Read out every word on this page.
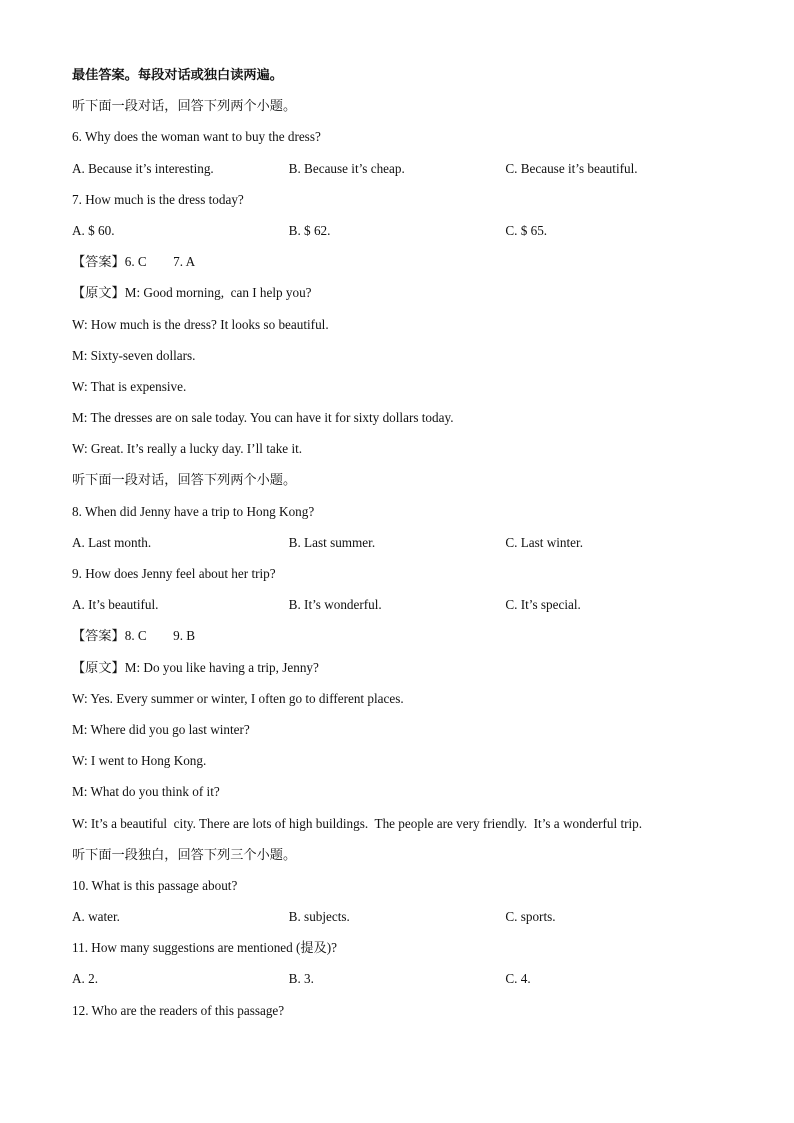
最佳答案。每段对话或独白读两遍。
听下面一段对话，回答下列两个小题。
6. Why does the woman want to buy the dress?
A. Because it’s interesting.	B. Because it’s cheap.	C. Because it’s beautiful.
7. How much is the dress today?
A. $ 60.	B. $ 62.	C. $ 65.
【答案】6. C        7. A
【原文】M: Good morning,  can I help you?
W: How much is the dress? It looks so beautiful.
M: Sixty-seven dollars.
W: That is expensive.
M: The dresses are on sale today. You can have it for sixty dollars today.
W: Great. It’s really a lucky day. I’ll take it.
听下面一段对话，回答下列两个小题。
8. When did Jenny have a trip to Hong Kong?
A. Last month.	B. Last summer.	C. Last winter.
9. How does Jenny feel about her trip?
A. It’s beautiful.	B. It’s wonderful.	C. It’s special.
【答案】8. C        9. B
【原文】M: Do you like having a trip, Jenny?
W: Yes. Every summer or winter, I often go to different places.
M: Where did you go last winter?
W: I went to Hong Kong.
M: What do you think of it?
W: It’s a beautiful  city. There are lots of high buildings.  The people are very friendly.  It’s a wonderful trip.
听下面一段独白，回答下列三个小题。
10. What is this passage about?
A. water.	B. subjects.	C. sports.
11. How many suggestions are mentioned (提及)?
A. 2.	B. 3.	C. 4.
12. Who are the readers of this passage?
